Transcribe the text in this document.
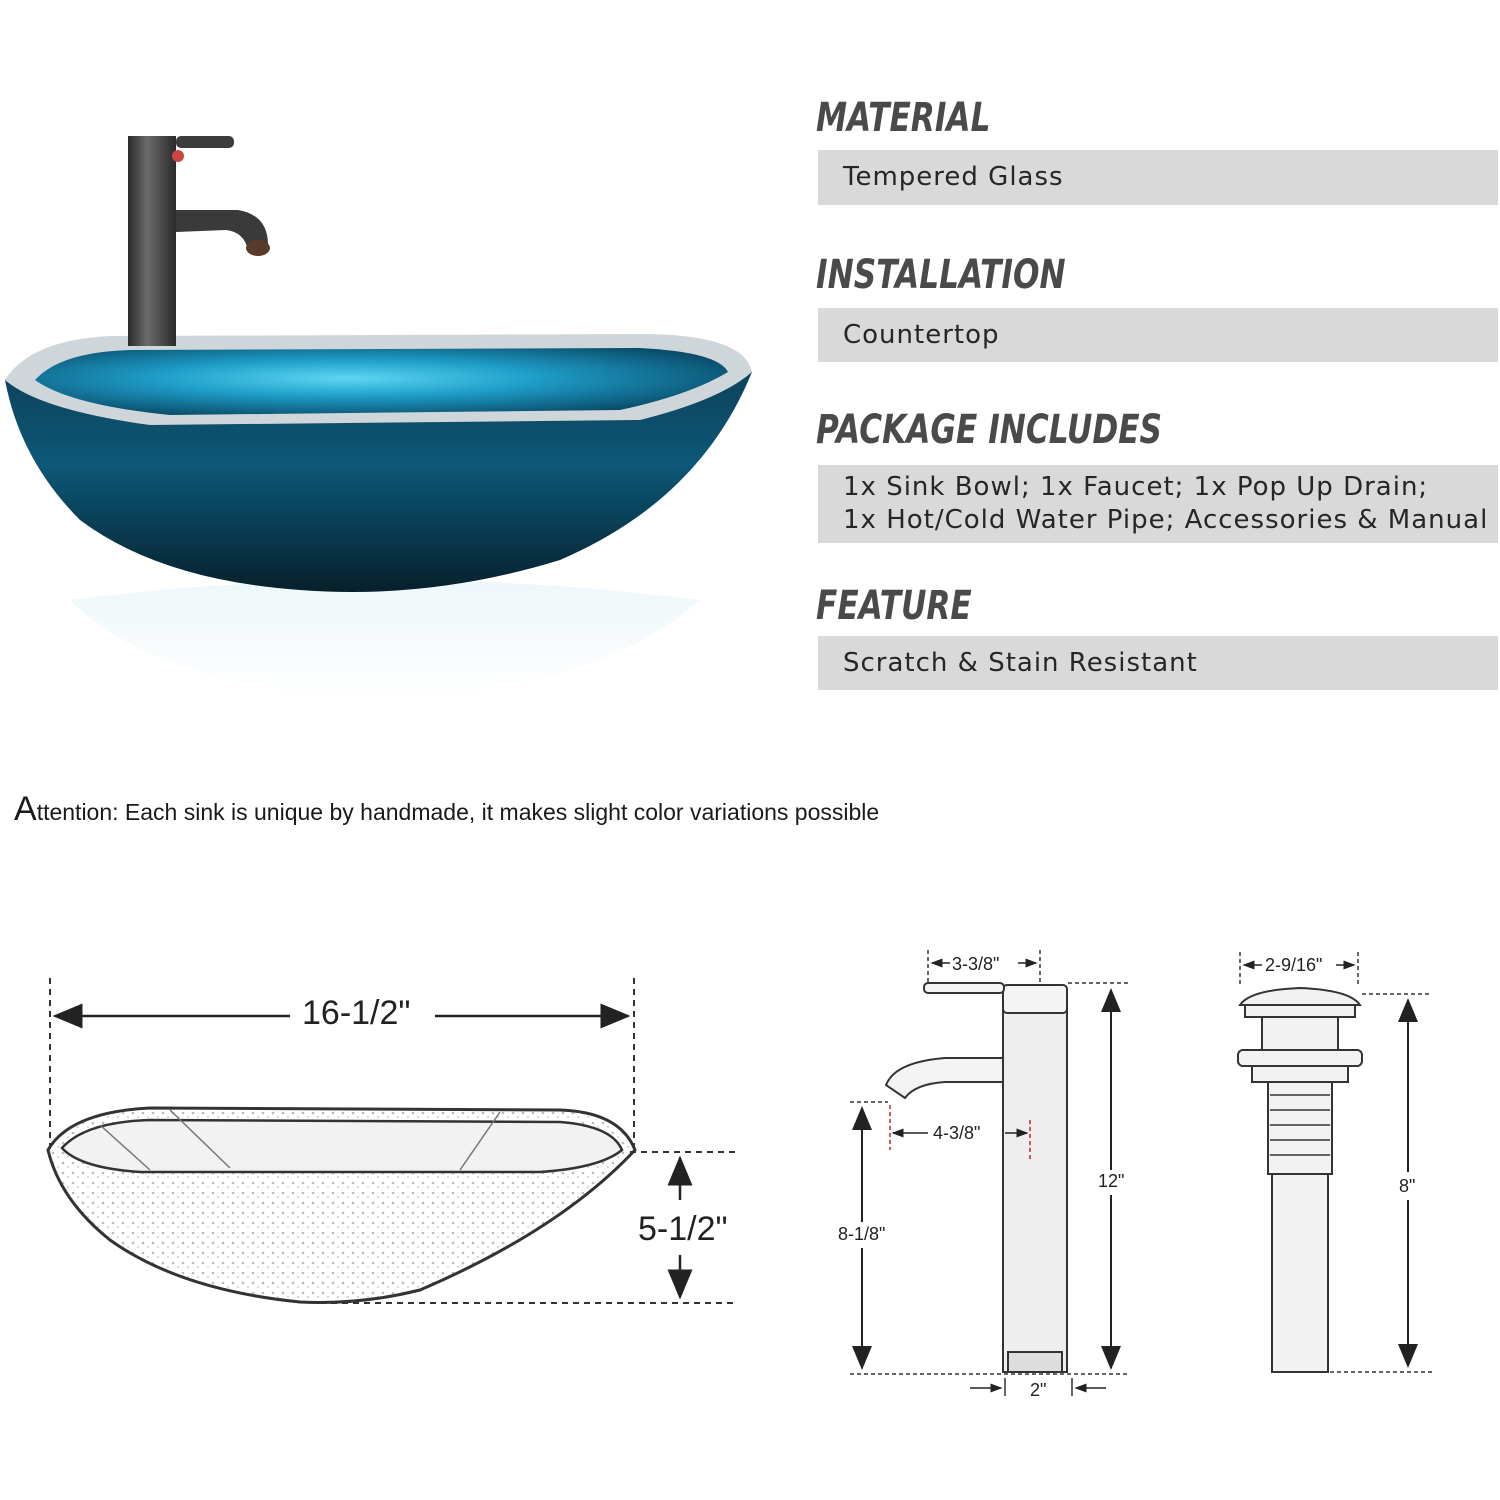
MATERIAL
Tempered Glass
INSTALLATION
Countertop
PACKAGE INCLUDES
1x Sink Bowl; 1x Faucet; 1x Pop Up Drain;
1x Hot/Cold Water Pipe; Accessories & Manual
FEATURE
Scratch & Stain Resistant
Attention: Each sink is unique by handmade, it makes slight color variations possible
16-1/2"
5-1/2"
3-3/8"
4-3/8"
12"
8-1/8"
2"
2-9/16"
8"
